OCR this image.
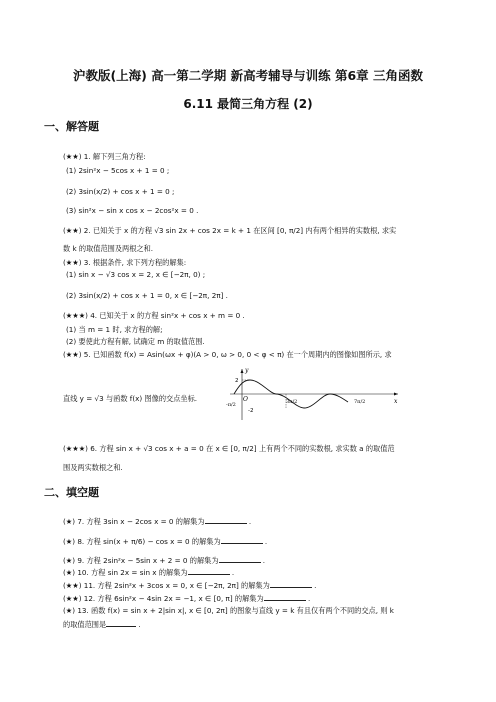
沪教版(上海) 高一第二学期 新高考辅导与训练 第6章 三角函数
6.11 最简三角方程 (2)
一、解答题
(★★) 1. 解下列三角方程:
(1) 2sin²x − 5cos x + 1 = 0 ;
(2) 3sin(x/2) + cos x + 1 = 0 ;
(3) sin²x − sin x cos x − 2cos²x = 0 .
(★★) 2. 已知关于 x 的方程 √3 sin 2x + cos 2x = k + 1 在区间 [0, π/2] 内有两个相异的实数根, 求实
数 k 的取值范围及两根之和.
(★★) 3. 根据条件, 求下列方程的解集:
(1) sin x − √3 cos x = 2, x ∈ [−2π, 0) ;
(2) 3sin(x/2) + cos x + 1 = 0, x ∈ [−2π, 2π] .
(★★★) 4. 已知关于 x 的方程 sin²x + cos x + m = 0 .
(1) 当 m = 1 时, 求方程的解;
(2) 要使此方程有解, 试确定 m 的取值范围.
(★★) 5. 已知函数 f(x) = Asin(ωx + φ)(A > 0, ω > 0, 0 < φ < π) 在一个周期内的图像如图所示, 求
直线 y = √3 与函数 f(x) 图像的交点坐标.
y
x
O
2
-2
-π/2	3π/2	7π/2
(★★★) 6. 方程 sin x + √3 cos x + a = 0 在 x ∈ [0, π/2] 上有两个不同的实数根, 求实数 a 的取值范
围及两实数根之和.
二、填空题
(★) 7. 方程 3sin x − 2cos x = 0 的解集为	.
(★) 8. 方程 sin(x + π/6) − cos x = 0 的解集为	.
(★) 9. 方程 2sin²x − 5sin x + 2 = 0 的解集为	.
(★) 10. 方程 sin 2x = sin x 的解集为	.
(★★) 11. 方程 2sin²x + 3cos x = 0, x ∈ [−2π, 2π] 的解集为	.
(★★) 12. 方程 6sin²x − 4sin 2x = −1, x ∈ [0, π] 的解集为	.
(★) 13. 函数 f(x) = sin x + 2|sin x|, x ∈ [0, 2π] 的图象与直线 y = k 有且仅有两个不同的交点, 则 k
的取值范围是	.
